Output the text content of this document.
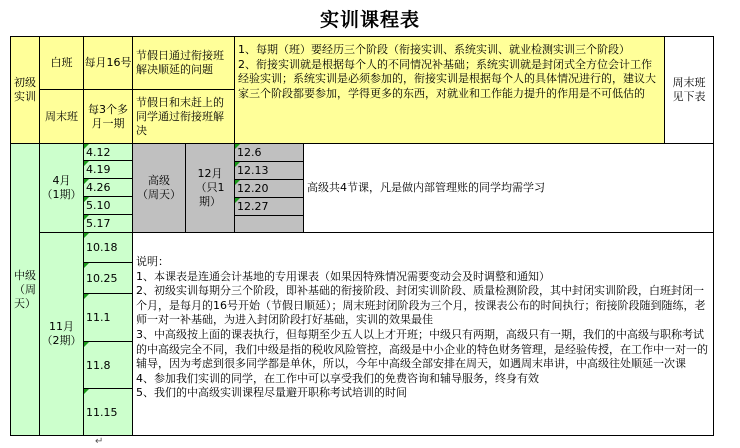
实训课程表
初级
实训
白班	每月16号
节假日通过衔接班解决顺延的问题
周末班
每3个多月一期
节假日和末赶上的同学通过衔接班解决
1、每期（班）要经历三个阶段（衔接实训、系统实训、就业检测实训三个阶段）
2、衔接实训就是根据每个人的不同情况补基础；系统实训就是封闭式全方位会计工作经验实训；系统实训是必须参加的，衔接实训是根据每个人的具体情况进行的，建议大家三个阶段都要参加，学得更多的东西，对就业和工作能力提升的作用是不可低估的
周末班见下表
中级
（周
天）
4月
（1期）
4.12
4.19
4.26
5.10
5.17
高级
（周天）
12月
（只1
期）
12.6
12.13
12.20
12.27
高级共4节课，凡是做内部管理账的同学均需学习
11月
（2期）
10.18
10.25
11.1
11.8
11.15
说明：
1、本课表是连通会计基地的专用课表（如果因特殊情况需要变动会及时调整和通知）
2、初级实训每期分三个阶段，即补基础的衔接阶段、封闭实训阶段、质量检测阶段，其中封闭实训阶段，白班封闭一个月，是每月的16号开始（节假日顺延）；周末班封闭阶段为三个月，按课表公布的时间执行；衔接阶段随到随练，老师一对一补基础，为进入封闭阶段打好基础，实训的效果最佳
3、中高级按上面的课表执行，但每期至少五人以上才开班；中级只有两期，高级只有一期，我们的中高级与职称考试的中高级完全不同，我们中级是指的税收风险管控，高级是中小企业的特色财务管理，是经验传授，在工作中一对一的辅导，因为考虑到很多同学都是单休，所以，今年中高级全部安排在周天，如遇周末串讲，中高级往处顺延一次课
4、参加我们实训的同学，在工作中可以享受我们的免费咨询和辅导服务，终身有效
5、我们的中高级实训课程尽量避开职称考试培训的时间
↵
